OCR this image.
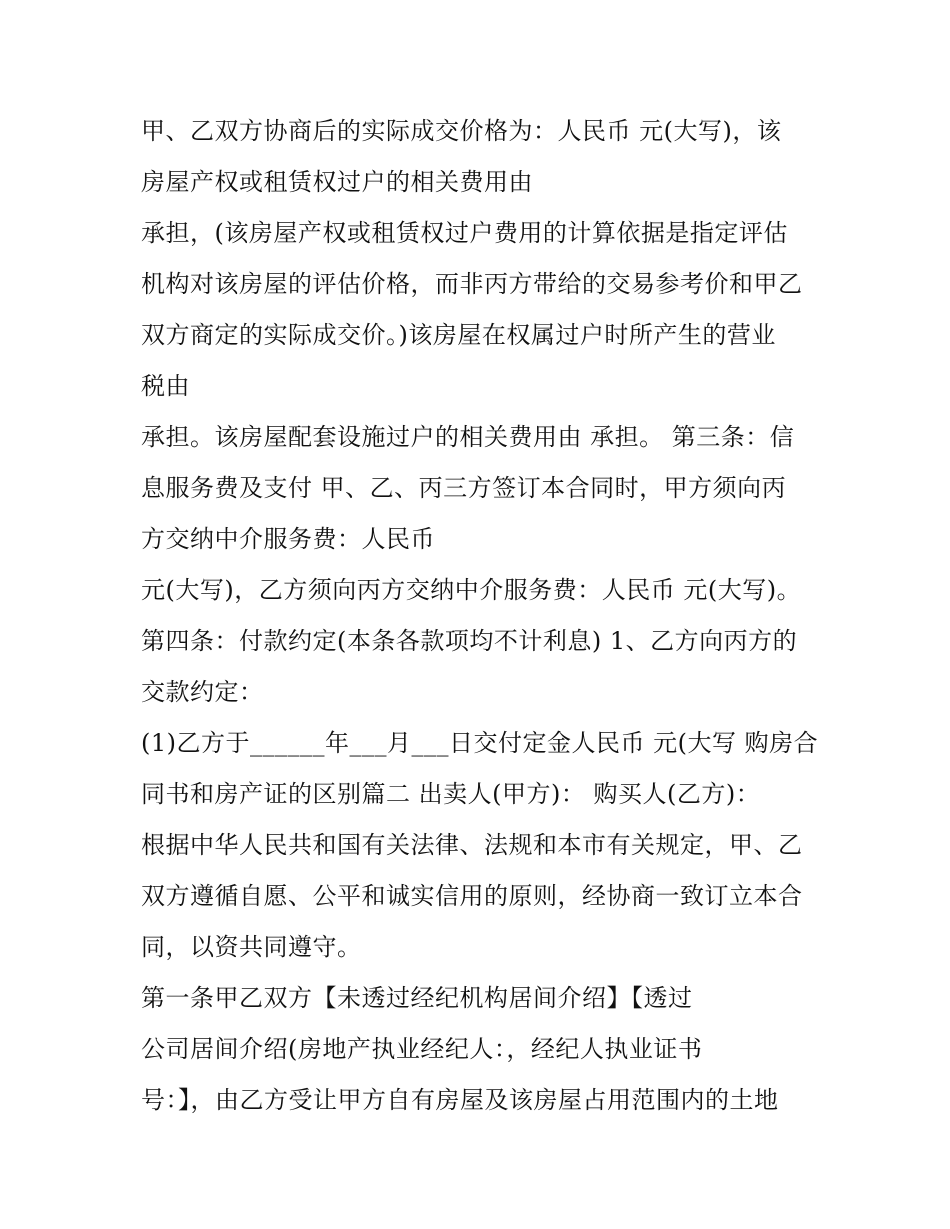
甲、乙双方协商后的实际成交价格为：人民币 元(大写)，该
房屋产权或租赁权过户的相关费用由
承担，(该房屋产权或租赁权过户费用的计算依据是指定评估
机构对该房屋的评估价格，而非丙方带给的交易参考价和甲乙
双方商定的实际成交价。)该房屋在权属过户时所产生的营业
税由
承担。该房屋配套设施过户的相关费用由 承担。 第三条：信
息服务费及支付 甲、乙、丙三方签订本合同时，甲方须向丙
方交纳中介服务费：人民币
元(大写)，乙方须向丙方交纳中介服务费：人民币 元(大写)。
第四条：付款约定(本条各款项均不计利息) 1、乙方向丙方的
交款约定：
(1)乙方于______年___月___日交付定金人民币 元(大写 购房合
同书和房产证的区别篇二 出卖人(甲方)： 购买人(乙方)：
根据中华人民共和国有关法律、法规和本市有关规定，甲、乙
双方遵循自愿、公平和诚实信用的原则，经协商一致订立本合
同，以资共同遵守。
第一条甲乙双方【未透过经纪机构居间介绍】【透过
公司居间介绍(房地产执业经纪人：，经纪人执业证书
号：】，由乙方受让甲方自有房屋及该房屋占用范围内的土地
